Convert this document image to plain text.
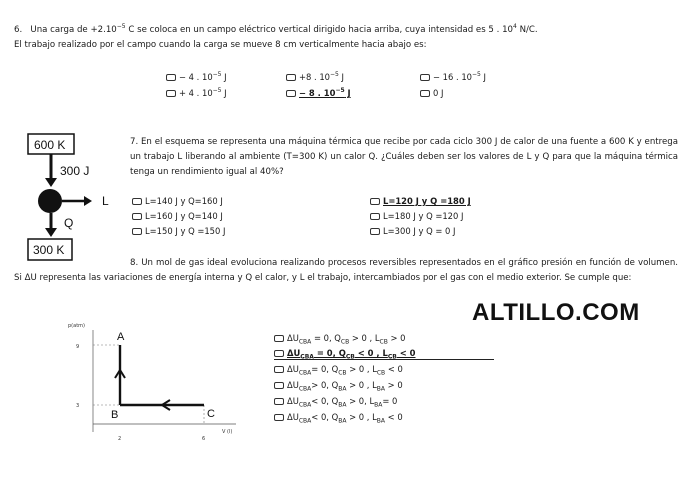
6. Una carga de $+2.10^{-5}$ C se coloca en un campo eléctrico vertical dirigido hacia arriba, cuya intensidad es 5 . $10^4$ N/C.
El trabajo realizado por el campo cuando la carga se mueve 8 cm verticalmente hacia abajo es:
− 4 . $10^{-5}$ J	+8 . $10^{-5}$ J	− 16 . $10^{-5}$ J
+ 4 . $10^{-5}$ J	− 8 . $10^{-5}$ J	0 J
600 K
300 J
L
Q
300 K
7. En el esquema se representa una máquina térmica que recibe por cada ciclo 300 J de calor de una fuente a 600 K y entrega un trabajo L liberando al ambiente (T=300 K) un calor Q. ¿Cuáles deben ser los valores de L y Q para que la máquina térmica tenga un rendimiento igual al 40%?
L=140 J y Q=160 J	L=120 J y Q =180 J
L=160 J y Q=140 J	L=180 J y Q =120 J
L=150 J y Q =150 J	L=300 J y Q = 0 J
8. Un mol de gas ideal evoluciona realizando procesos reversibles representados en el gráfico presión en función de volumen. Si ΔU representa las variaciones de energía interna y Q el calor, y L el trabajo, intercambiados por el gas con el medio exterior. Se cumple que:
ALTILLO.COM
p(atm)
9
3
2	6
V (l)
A
B	C
$\Delta U_{CBA} = 0$, $Q_{CB} > 0$ , $L_{CB} > 0$
$\Delta U_{CBA} = 0$, $Q_{CB} < 0$ , $L_{CB} < 0$
$\Delta U_{CBA}= 0$, $Q_{CB} > 0$ , $L_{CB} < 0$
$\Delta U_{CBA}> 0$, $Q_{BA} > 0$ , $L_{BA} > 0$
$\Delta U_{CBA}< 0$, $Q_{BA} > 0$, $L_{BA}= 0$
$\Delta U_{CBA}< 0$, $Q_{BA} > 0$ , $L_{BA} < 0$
